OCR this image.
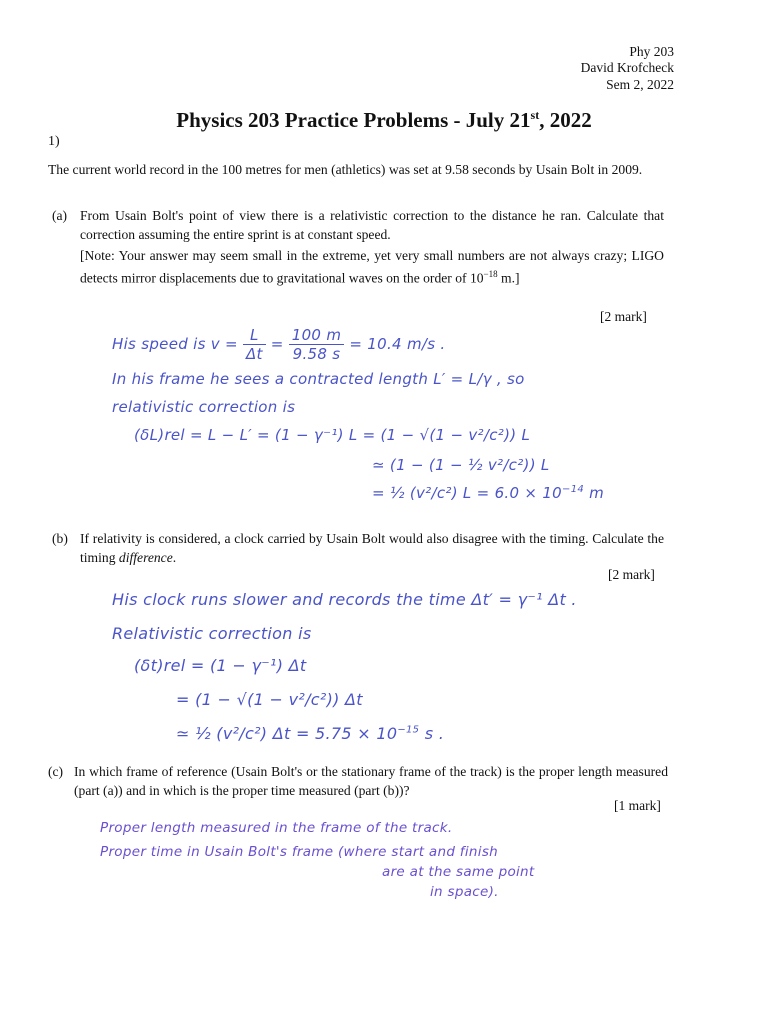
Phy 203
David Krofcheck
Sem 2, 2022
Physics 203 Practice Problems - July 21st, 2022
1)
The current world record in the 100 metres for men (athletics) was set at 9.58 seconds by Usain Bolt in 2009.
(a) From Usain Bolt's point of view there is a relativistic correction to the distance he ran. Calculate that correction assuming the entire sprint is at constant speed.
[Note: Your answer may seem small in the extreme, yet very small numbers are not always crazy; LIGO detects mirror displacements due to gravitational waves on the order of $10^{-18}$ m.]
[2 mark]
His speed is $v = \frac{L}{\Delta t} = \frac{100 m}{9.58 s} = 10.4$ m/s .
In his frame he sees a contracted length L′ = L/γ , so
relativistic correction is
(δL)rel = L − L′ = (1 − γ⁻¹) L = (1 − √(1 − v²/c²)) L
≃ (1 − (1 − ½ v²/c²)) L
= ½ (v²/c²) $L = 6.0 \times 10^{-14}$ m
(b) If relativity is considered, a clock carried by Usain Bolt would also disagree with the timing. Calculate the timing difference.
[2 mark]
His clock runs slower and records the time Δt′ = γ⁻¹ Δt .
Relativistic correction is
(δt)rel = (1 − γ⁻¹) Δt
= (1 − √(1 − v²/c²)) Δt
≃ ½ (v²/c²) $\Delta t = 5.75 \times 10^{-15}$ s .
(c) In which frame of reference (Usain Bolt's or the stationary frame of the track) is the proper length measured (part (a)) and in which is the proper time measured (part (b))?
[1 mark]
Proper length measured in the frame of the track.
Proper time in Usain Bolt's frame (where start and finish
are at the same point
in space).
